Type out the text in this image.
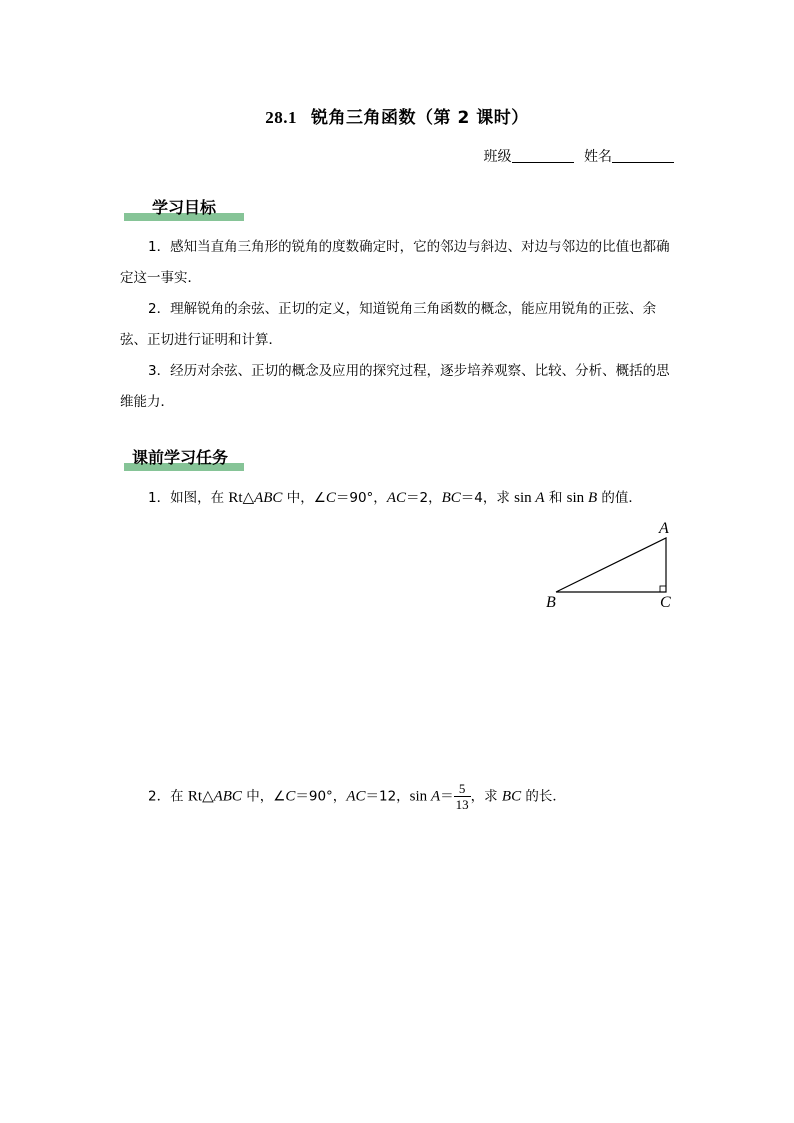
28.1 锐角三角函数（第 2 课时）
班级	姓名
学习目标
1．感知当直角三角形的锐角的度数确定时，它的邻边与斜边、对边与邻边的比值也都确定这一事实．
2．理解锐角的余弦、正切的定义，知道锐角三角函数的概念，能应用锐角的正弦、余弦、正切进行证明和计算．
3．经历对余弦、正切的概念及应用的探究过程，逐步培养观察、比较、分析、概括的思维能力．
课前学习任务
1．如图，在 Rt△ABC 中，∠C＝90°，AC＝2，BC＝4，求 sin A 和 sin B 的值．
A
B	C
2．在 Rt△ABC 中，∠C＝90°，AC＝12，$\sin A= \frac{5}{13}$ ，求 BC 的长．
